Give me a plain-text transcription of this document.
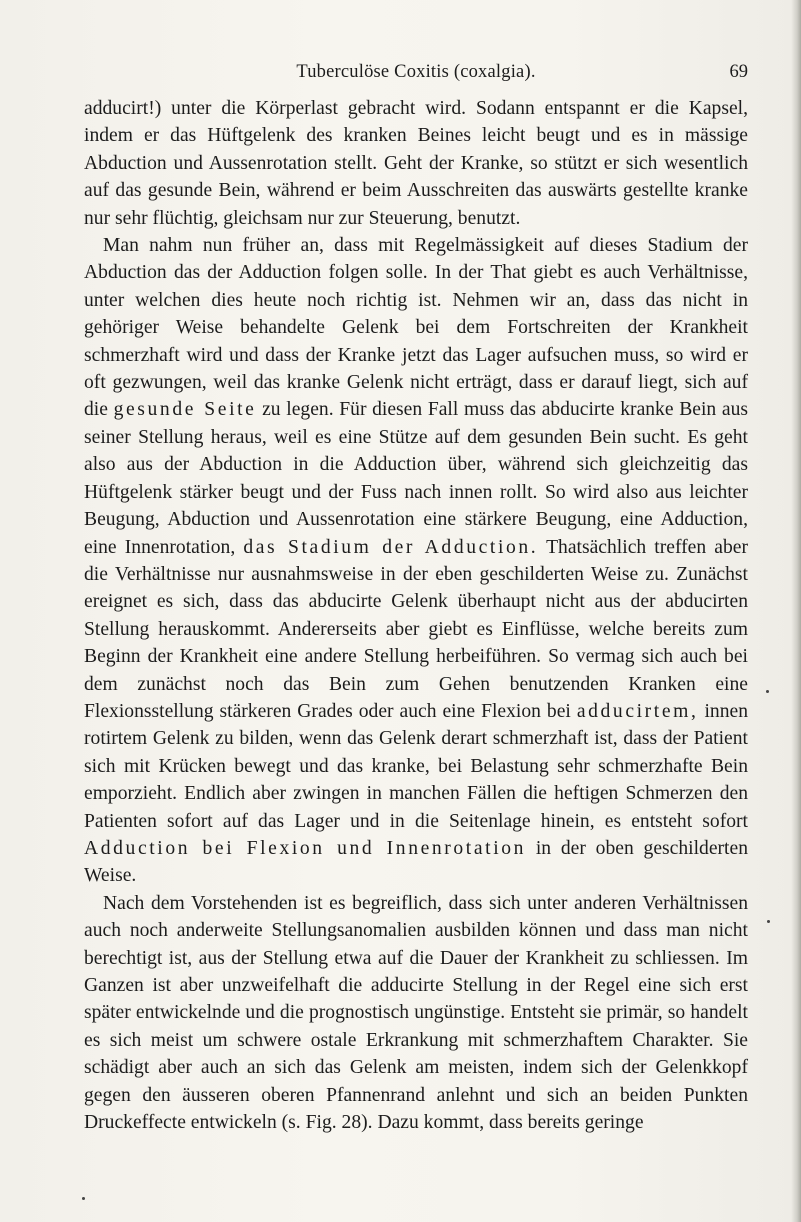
Tuberculöse Coxitis (coxalgia).	69

adducirt!) unter die Körperlast gebracht wird. Sodann entspannt er die Kapsel, indem er das Hüftgelenk des kranken Beines leicht beugt und es in mässige Abduction und Aussenrotation stellt. Geht der Kranke, so stützt er sich wesentlich auf das gesunde Bein, während er beim Ausschreiten das auswärts gestellte kranke nur sehr flüchtig, gleichsam nur zur Steuerung, benutzt.

Man nahm nun früher an, dass mit Regelmässigkeit auf dieses Stadium der Abduction das der Adduction folgen solle. In der That giebt es auch Verhältnisse, unter welchen dies heute noch richtig ist. Nehmen wir an, dass das nicht in gehöriger Weise behandelte Gelenk bei dem Fortschreiten der Krankheit schmerzhaft wird und dass der Kranke jetzt das Lager aufsuchen muss, so wird er oft gezwungen, weil das kranke Gelenk nicht erträgt, dass er darauf liegt, sich auf die gesunde Seite zu legen. Für diesen Fall muss das abducirte kranke Bein aus seiner Stellung heraus, weil es eine Stütze auf dem gesunden Bein sucht. Es geht also aus der Abduction in die Adduction über, während sich gleichzeitig das Hüftgelenk stärker beugt und der Fuss nach innen rollt. So wird also aus leichter Beugung, Abduction und Aussenrotation eine stärkere Beugung, eine Adduction, eine Innenrotation, das Stadium der Adduction. Thatsächlich treffen aber die Verhältnisse nur ausnahmsweise in der eben geschilderten Weise zu. Zunächst ereignet es sich, dass das abducirte Gelenk überhaupt nicht aus der abducirten Stellung herauskommt. Andererseits aber giebt es Einflüsse, welche bereits zum Beginn der Krankheit eine andere Stellung herbeiführen. So vermag sich auch bei dem zunächst noch das Bein zum Gehen benutzenden Kranken eine Flexionsstellung stärkeren Grades oder auch eine Flexion bei adducirtem, innen rotirtem Gelenk zu bilden, wenn das Gelenk derart schmerzhaft ist, dass der Patient sich mit Krücken bewegt und das kranke, bei Belastung sehr schmerzhafte Bein emporzieht. Endlich aber zwingen in manchen Fällen die heftigen Schmerzen den Patienten sofort auf das Lager und in die Seitenlage hinein, es entsteht sofort Adduction bei Flexion und Innenrotation in der oben geschilderten Weise.

Nach dem Vorstehenden ist es begreiflich, dass sich unter anderen Verhältnissen auch noch anderweite Stellungsanomalien ausbilden können und dass man nicht berechtigt ist, aus der Stellung etwa auf die Dauer der Krankheit zu schliessen. Im Ganzen ist aber unzweifelhaft die adducirte Stellung in der Regel eine sich erst später entwickelnde und die prognostisch ungünstige. Entsteht sie primär, so handelt es sich meist um schwere ostale Erkrankung mit schmerzhaftem Charakter. Sie schädigt aber auch an sich das Gelenk am meisten, indem sich der Gelenkkopf gegen den äusseren oberen Pfannenrand anlehnt und sich an beiden Punkten Druckeffecte entwickeln (s. Fig. 28). Dazu kommt, dass bereits geringe
